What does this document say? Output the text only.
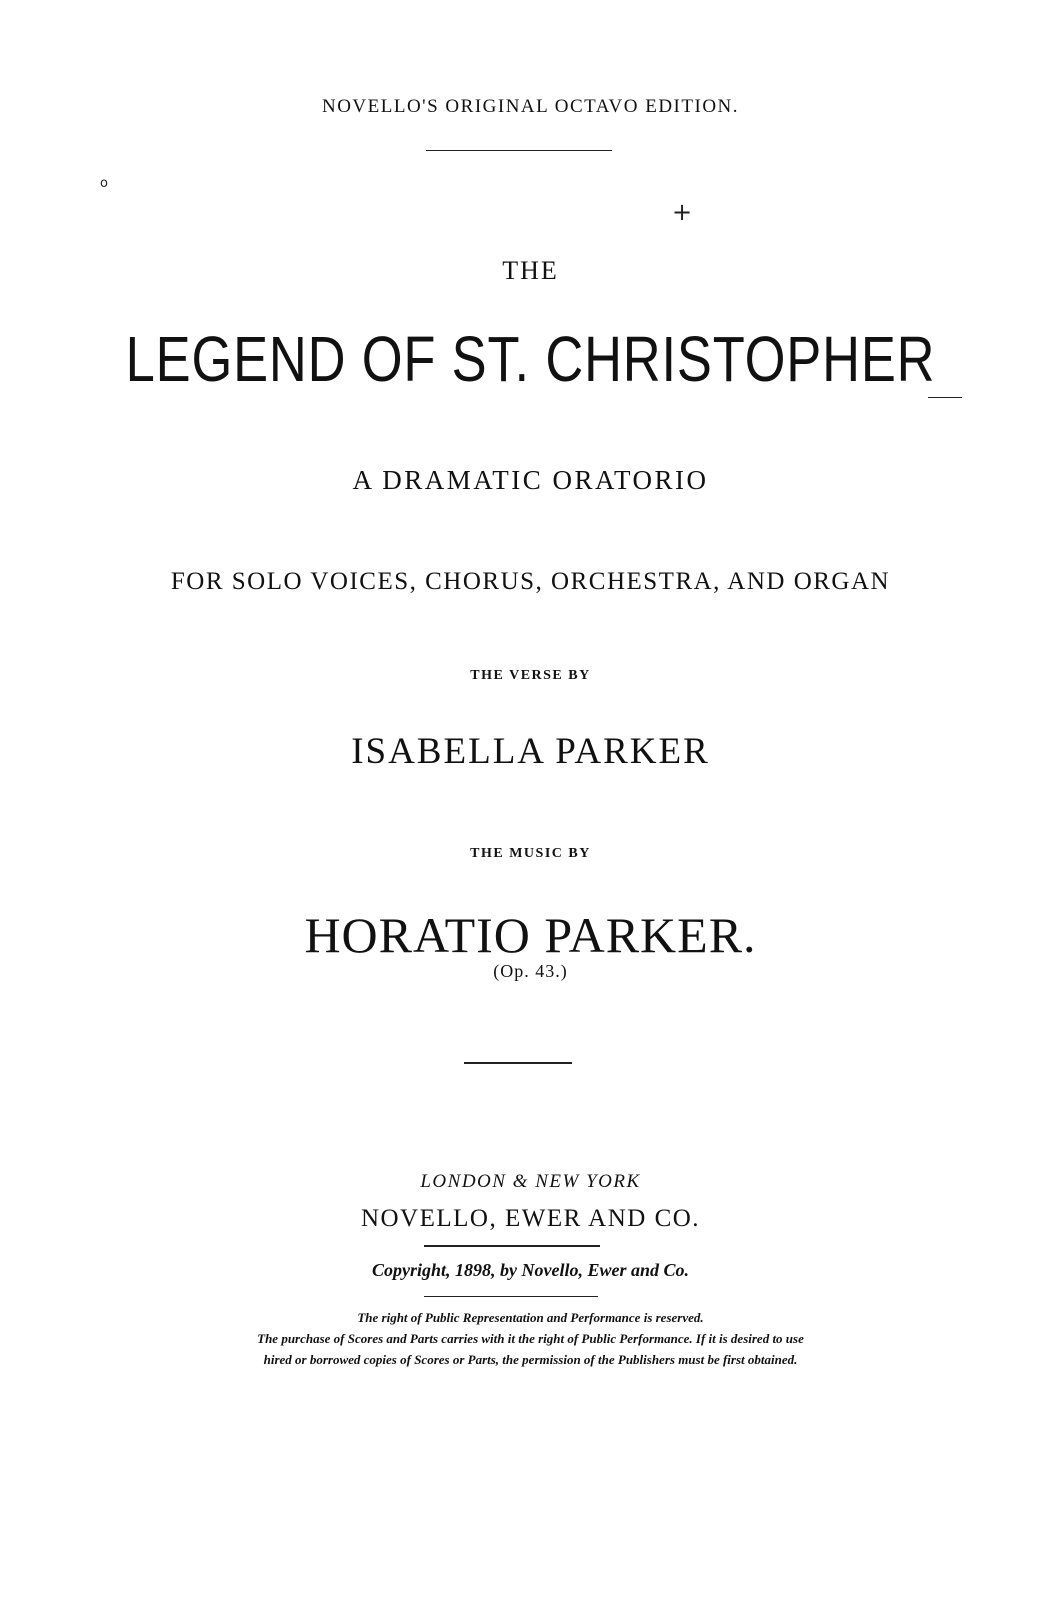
NOVELLO'S ORIGINAL OCTAVO EDITION.
o
+
THE
LEGEND OF ST. CHRISTOPHER
A DRAMATIC ORATORIO
FOR SOLO VOICES, CHORUS, ORCHESTRA, AND ORGAN
THE VERSE BY
ISABELLA PARKER
THE MUSIC BY
HORATIO PARKER.
(Op. 43.)
LONDON & NEW YORK
NOVELLO, EWER AND CO.
Copyright, 1898, by Novello, Ewer and Co.
The right of Public Representation and Performance is reserved.
The purchase of Scores and Parts carries with it the right of Public Performance. If it is desired to use
hired or borrowed copies of Scores or Parts, the permission of the Publishers must be first obtained.
